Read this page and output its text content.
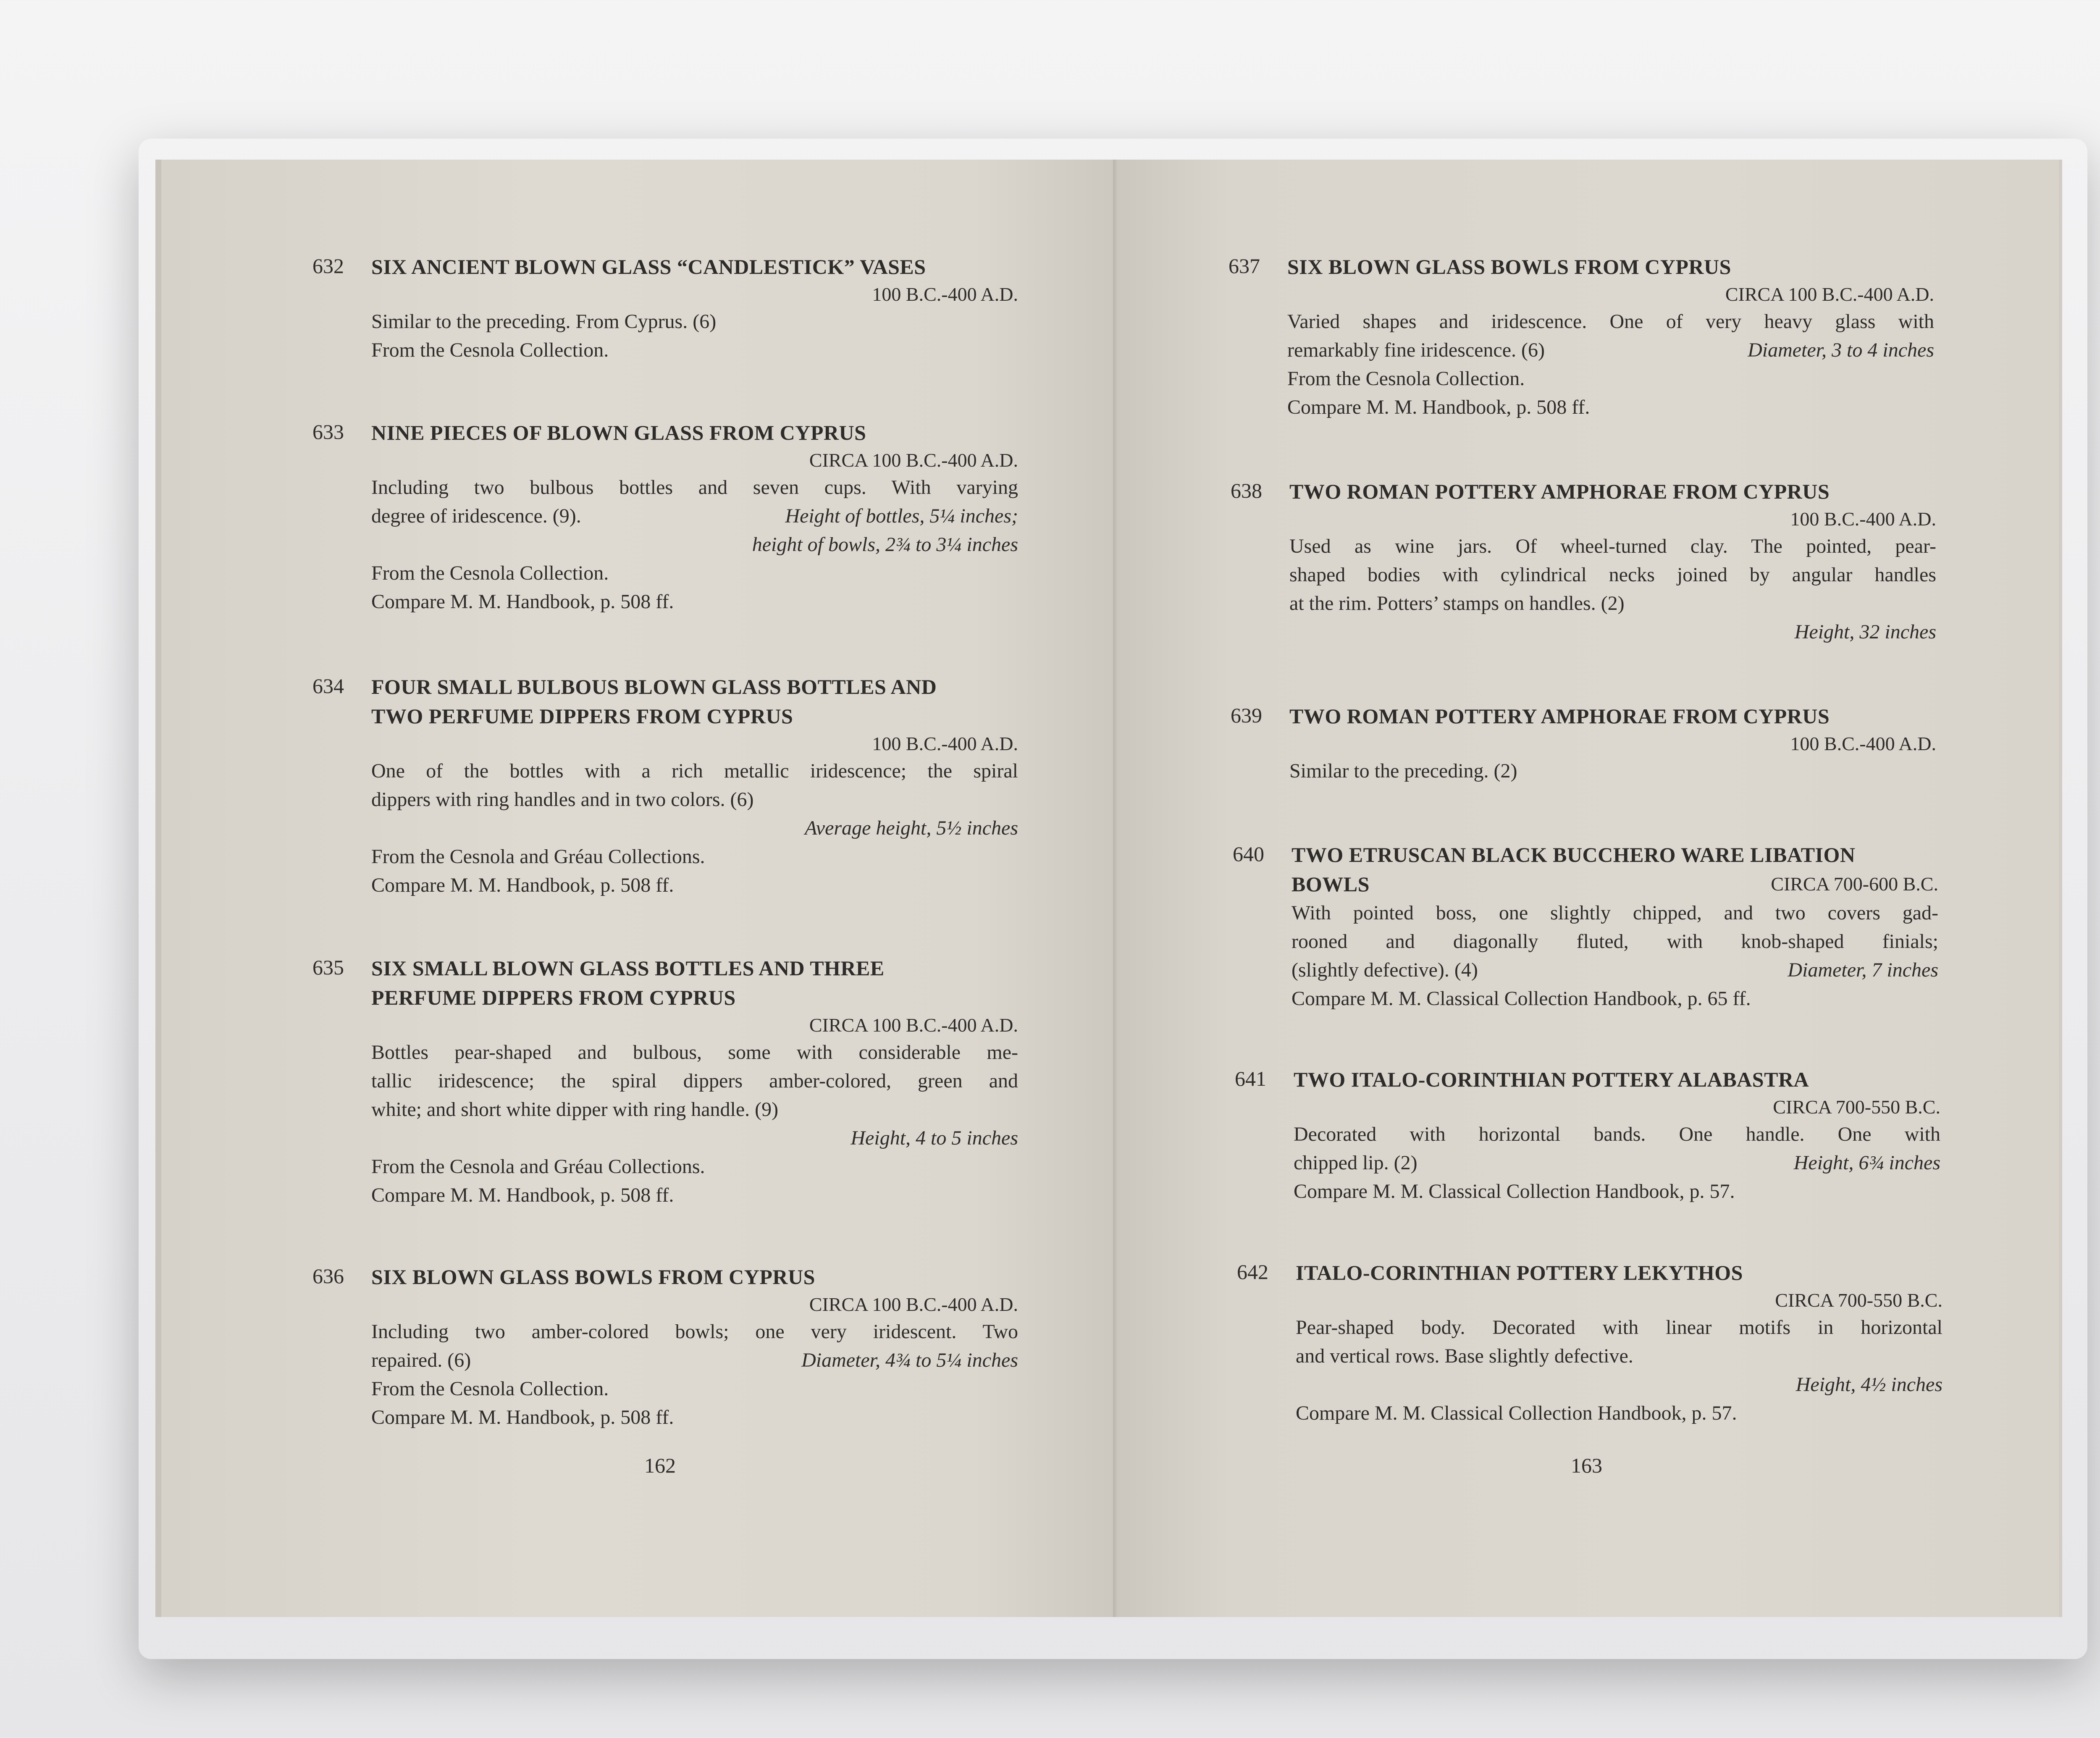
632 SIX ANCIENT BLOWN GLASS “CANDLESTICK” VASES
100 B.C.-400 A.D.
Similar to the preceding. From Cyprus. (6)
From the Cesnola Collection.
633 NINE PIECES OF BLOWN GLASS FROM CYPRUS
CIRCA 100 B.C.-400 A.D.
Including two bulbous bottles and seven cups. With varying
degree of iridescence. (9).	Height of bottles, 5¼ inches;
height of bowls, 2¾ to 3¼ inches
From the Cesnola Collection.
Compare M. M. Handbook, p. 508 ff.
634 FOUR SMALL BULBOUS BLOWN GLASS BOTTLES AND
TWO PERFUME DIPPERS FROM CYPRUS
100 B.C.-400 A.D.
One of the bottles with a rich metallic iridescence; the spiral
dippers with ring handles and in two colors. (6)
Average height, 5½ inches
From the Cesnola and Gréau Collections.
Compare M. M. Handbook, p. 508 ff.
635 SIX SMALL BLOWN GLASS BOTTLES AND THREE
PERFUME DIPPERS FROM CYPRUS
CIRCA 100 B.C.-400 A.D.
Bottles pear-shaped and bulbous, some with considerable me-
tallic iridescence; the spiral dippers amber-colored, green and
white; and short white dipper with ring handle. (9)
Height, 4 to 5 inches
From the Cesnola and Gréau Collections.
Compare M. M. Handbook, p. 508 ff.
636 SIX BLOWN GLASS BOWLS FROM CYPRUS
CIRCA 100 B.C.-400 A.D.
Including two amber-colored bowls; one very iridescent. Two
repaired. (6)	Diameter, 4¾ to 5¼ inches
From the Cesnola Collection.
Compare M. M. Handbook, p. 508 ff.
162
637 SIX BLOWN GLASS BOWLS FROM CYPRUS
CIRCA 100 B.C.-400 A.D.
Varied shapes and iridescence. One of very heavy glass with
remarkably fine iridescence. (6)	Diameter, 3 to 4 inches
From the Cesnola Collection.
Compare M. M. Handbook, p. 508 ff.
638 TWO ROMAN POTTERY AMPHORAE FROM CYPRUS
100 B.C.-400 A.D.
Used as wine jars. Of wheel-turned clay. The pointed, pear-
shaped bodies with cylindrical necks joined by angular handles
at the rim. Potters’ stamps on handles. (2)
Height, 32 inches
639 TWO ROMAN POTTERY AMPHORAE FROM CYPRUS
100 B.C.-400 A.D.
Similar to the preceding. (2)
640 TWO ETRUSCAN BLACK BUCCHERO WARE LIBATION
BOWLS	CIRCA 700-600 B.C.
With pointed boss, one slightly chipped, and two covers gad-
rooned and diagonally fluted, with knob-shaped finials;
(slightly defective). (4)	Diameter, 7 inches
Compare M. M. Classical Collection Handbook, p. 65 ff.
641 TWO ITALO-CORINTHIAN POTTERY ALABASTRA
CIRCA 700-550 B.C.
Decorated with horizontal bands. One handle. One with
chipped lip. (2)	Height, 6¾ inches
Compare M. M. Classical Collection Handbook, p. 57.
642 ITALO-CORINTHIAN POTTERY LEKYTHOS
CIRCA 700-550 B.C.
Pear-shaped body. Decorated with linear motifs in horizontal
and vertical rows. Base slightly defective.
Height, 4½ inches
Compare M. M. Classical Collection Handbook, p. 57.
163
